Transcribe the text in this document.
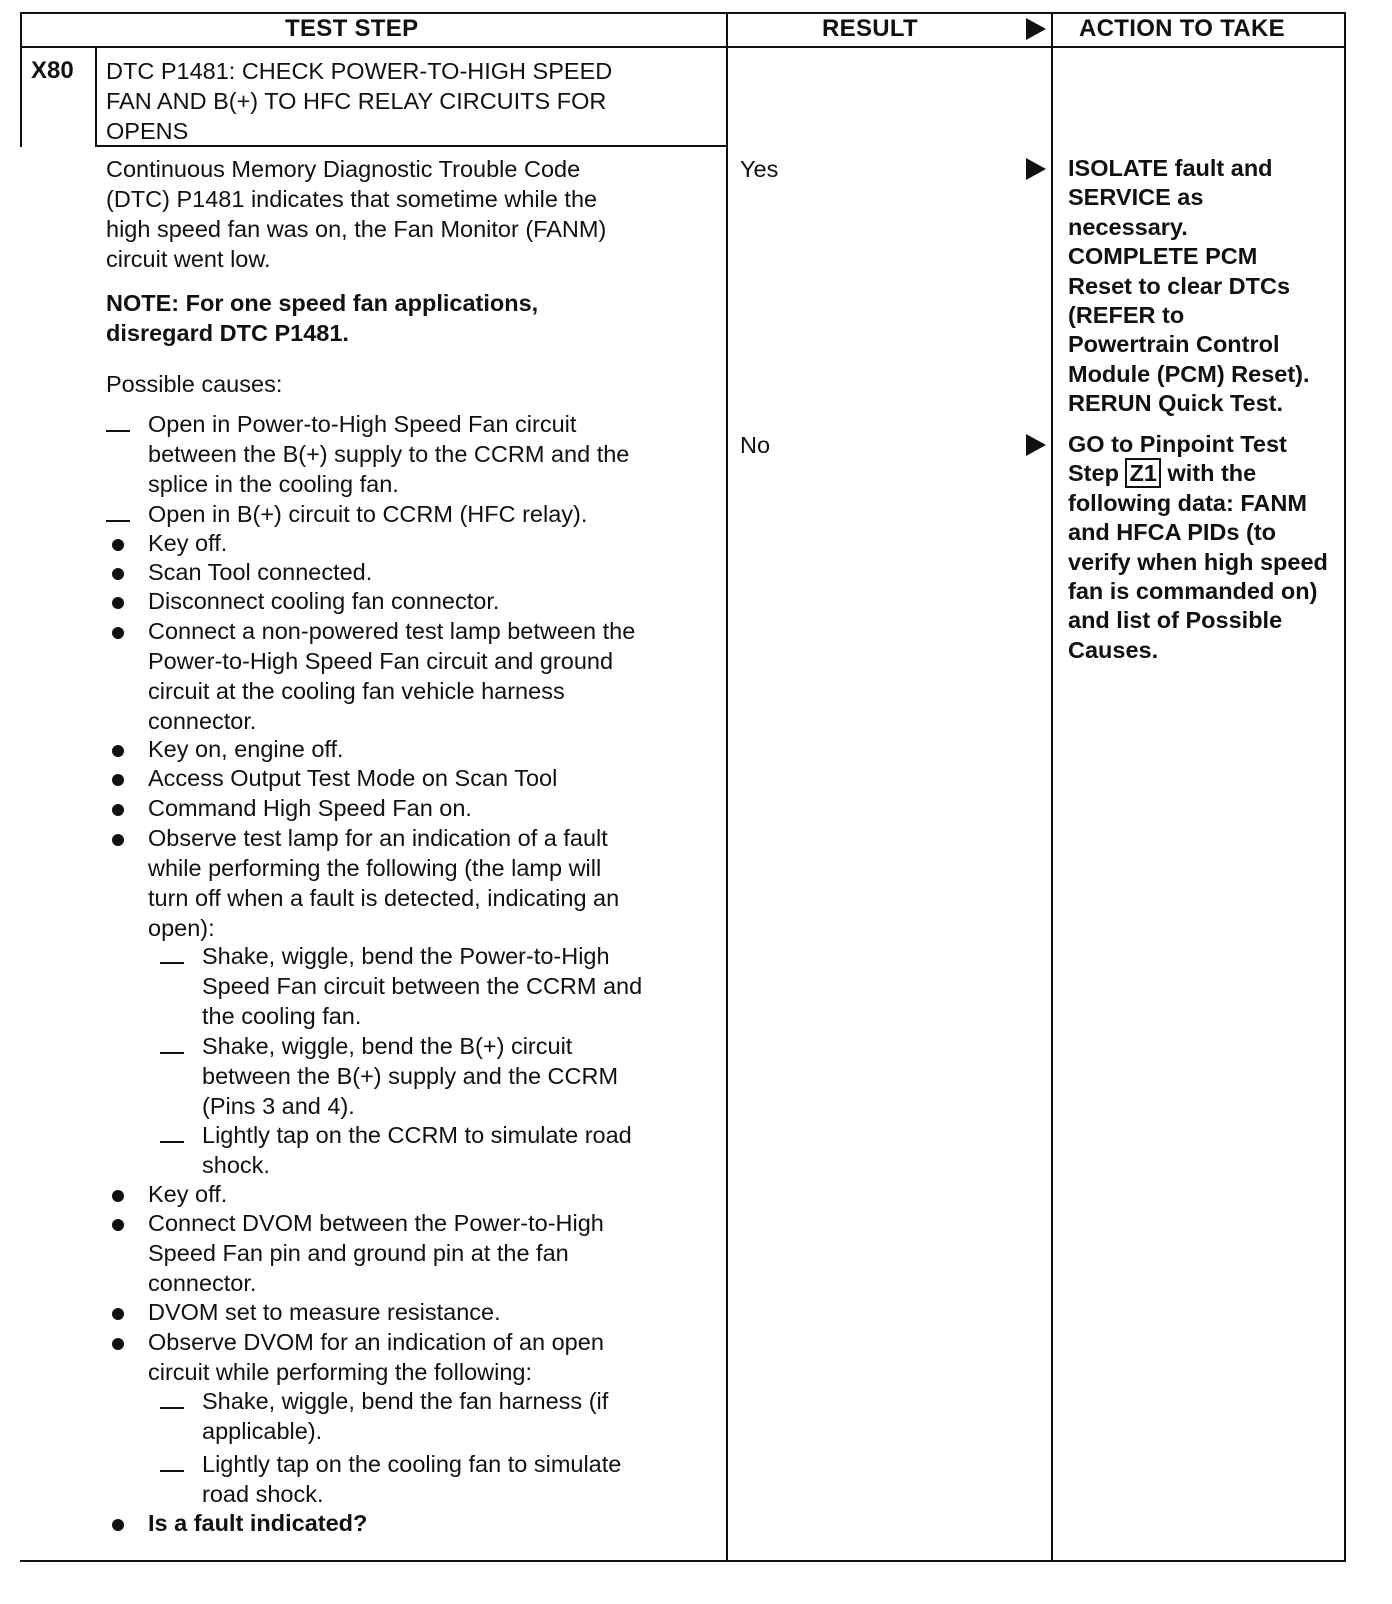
TEST STEP	RESULT	ACTION TO TAKE
X80 DTC P1481: CHECK POWER-TO-HIGH SPEED
FAN AND B(+) TO HFC RELAY CIRCUITS FOR
OPENS
Continuous Memory Diagnostic Trouble Code
(DTC) P1481 indicates that sometime while the
high speed fan was on, the Fan Monitor (FANM)
circuit went low.
NOTE: For one speed fan applications,
disregard DTC P1481.
Possible causes:
Open in Power-to-High Speed Fan circuit
between the B(+) supply to the CCRM and the
splice in the cooling fan.
Open in B(+) circuit to CCRM (HFC relay).
Key off.
Scan Tool connected.
Disconnect cooling fan connector.
Connect a non-powered test lamp between the
Power-to-High Speed Fan circuit and ground
circuit at the cooling fan vehicle harness
connector.
Key on, engine off.
Access Output Test Mode on Scan Tool
Command High Speed Fan on.
Observe test lamp for an indication of a fault
while performing the following (the lamp will
turn off when a fault is detected, indicating an
open):
Shake, wiggle, bend the Power-to-High
Speed Fan circuit between the CCRM and
the cooling fan.
Shake, wiggle, bend the B(+) circuit
between the B(+) supply and the CCRM
(Pins 3 and 4).
Lightly tap on the CCRM to simulate road
shock.
Key off.
Connect DVOM between the Power-to-High
Speed Fan pin and ground pin at the fan
connector.
DVOM set to measure resistance.
Observe DVOM for an indication of an open
circuit while performing the following:
Shake, wiggle, bend the fan harness (if
applicable).
Lightly tap on the cooling fan to simulate
road shock.
Is a fault indicated?
Yes
No
ISOLATE fault and
SERVICE as
necessary.
COMPLETE PCM
Reset to clear DTCs
(REFER to
Powertrain Control
Module (PCM) Reset).
RERUN Quick Test.
GO to Pinpoint Test
Step Z1 with the
following data: FANM
and HFCA PIDs (to
verify when high speed
fan is commanded on)
and list of Possible
Causes.
